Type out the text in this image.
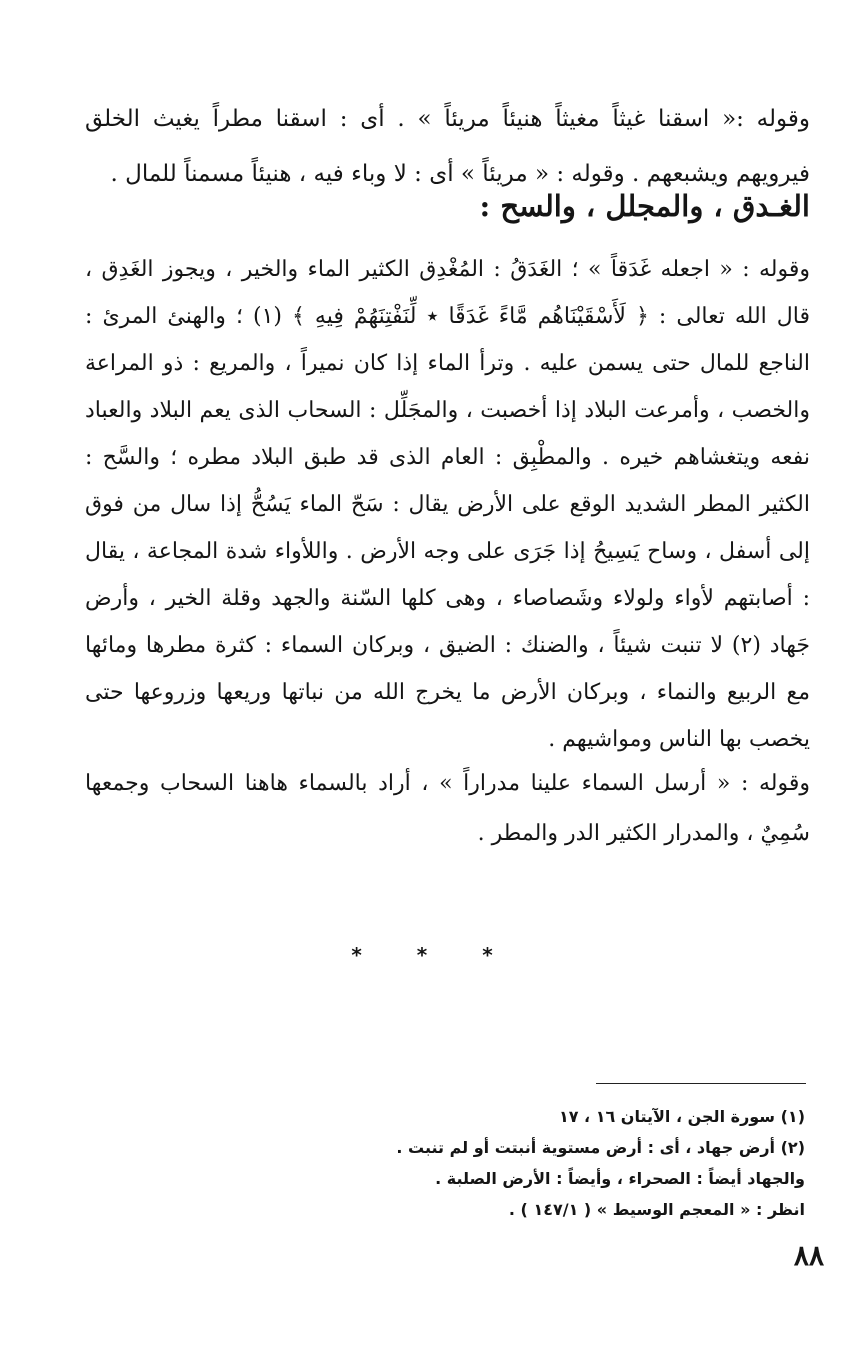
وقوله :« اسقنا غيثاً مغيثاً هنيئاً مريئاً » . أى : اسقنا مطراً يغيث الخلق فيرويهم ويشبعهم . وقوله : « مريئاً » أى : لا وباء فيه ، هنيئاً مسمناً للمال .

الغـدق ، والمجلل ، والسح :

وقوله : « اجعله غَدَقاً » ؛ الغَدَقُ : المُغْدِق الكثير الماء والخير ، ويجوز الغَدِق ، قال الله تعالى : ﴿ لَأَسْقَيْنَاهُم مَّاءً غَدَقًا ٭ لِّنَفْتِنَهُمْ فِيهِ ﴾ (١) ؛ والهنئ المرئ : الناجع للمال حتى يسمن عليه . وترأ الماء إذا كان نميراً ، والمريع : ذو المراعة والخصب ، وأمرعت البلاد إذا أخصبت ، والمجَلِّل : السحاب الذى يعم البلاد والعباد نفعه ويتغشاهم خيره . والمطْبِق : العام الذى قد طبق البلاد مطره ؛ والسَّح : الكثير المطر الشديد الوقع على الأرض يقال : سَحّ الماء يَسُحُّ إذا سال من فوق إلى أسفل ، وساح يَسِيحُ إذا جَرَى على وجه الأرض . واللأواء شدة المجاعة ، يقال : أصابتهم لأواء ولولاء وشَصاصاء ، وهى كلها السّنة والجهد وقلة الخير ، وأرض جَهاد (٢) لا تنبت شيئاً ، والضنك : الضيق ، وبركان السماء : كثرة مطرها ومائها مع الربيع والنماء ، وبركان الأرض ما يخرج الله من نباتها وريعها وزروعها حتى يخصب بها الناس ومواشيهم .

وقوله : « أرسل السماء علينا مدراراً » ، أراد بالسماء هاهنا السحاب وجمعها سُمِيٌ ، والمدرار الكثير الدر والمطر .

* * *
(١) سورة الجن ، الآيتان ١٦ ، ١٧
(٢) أرض جهاد ، أى : أرض مستوية أنبتت أو لم تنبت .
والجهاد أيضاً : الصحراء ، وأيضاً : الأرض الصلبة .
انظر : « المعجم الوسيط » ( ١٤٧/١ ) .
٨٨
